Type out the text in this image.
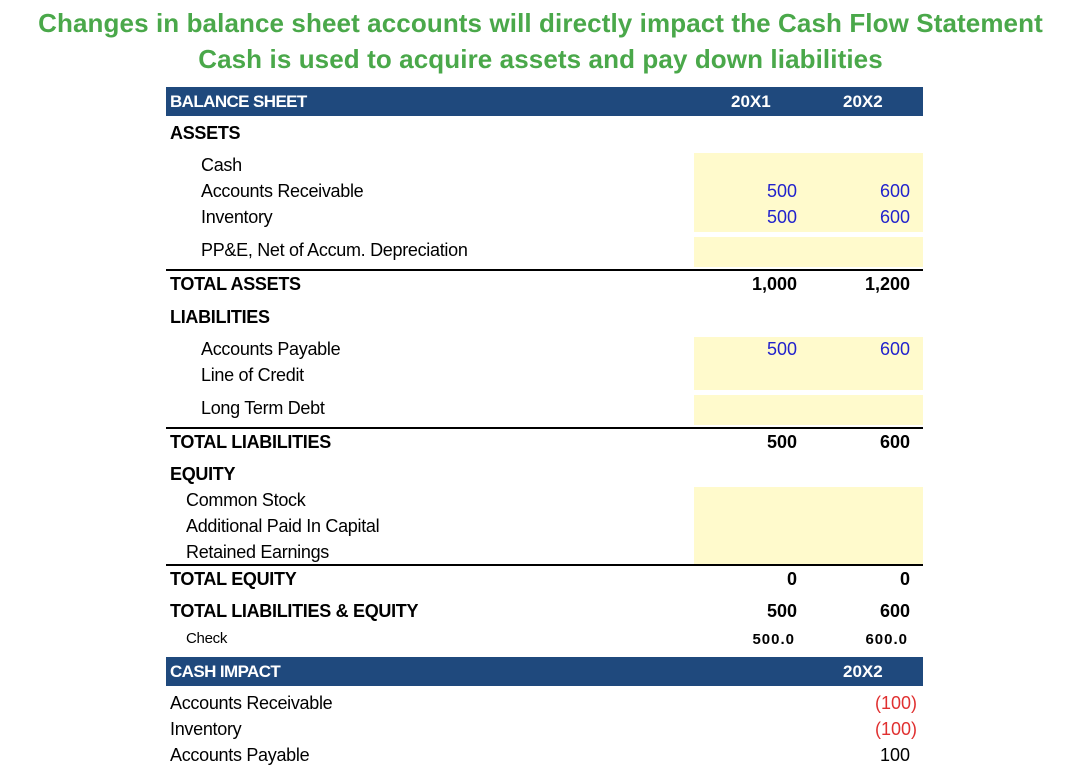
Changes in balance sheet accounts will directly impact the Cash Flow Statement
Cash is used to acquire assets and pay down liabilities
BALANCE SHEET	20X1	20X2
ASSETS
Cash
Accounts Receivable	500	600
Inventory	500	600
PP&E, Net of Accum. Depreciation
TOTAL ASSETS	1,000	1,200
LIABILITIES
Accounts Payable	500	600
Line of Credit
Long Term Debt
TOTAL LIABILITIES	500	600
EQUITY
Common Stock
Additional Paid In Capital
Retained Earnings
TOTAL EQUITY	0	0
TOTAL LIABILITIES & EQUITY	500	600
Check	500.0	600.0
CASH IMPACT	20X2
Accounts Receivable	(100)
Inventory	(100)
Accounts Payable	100
